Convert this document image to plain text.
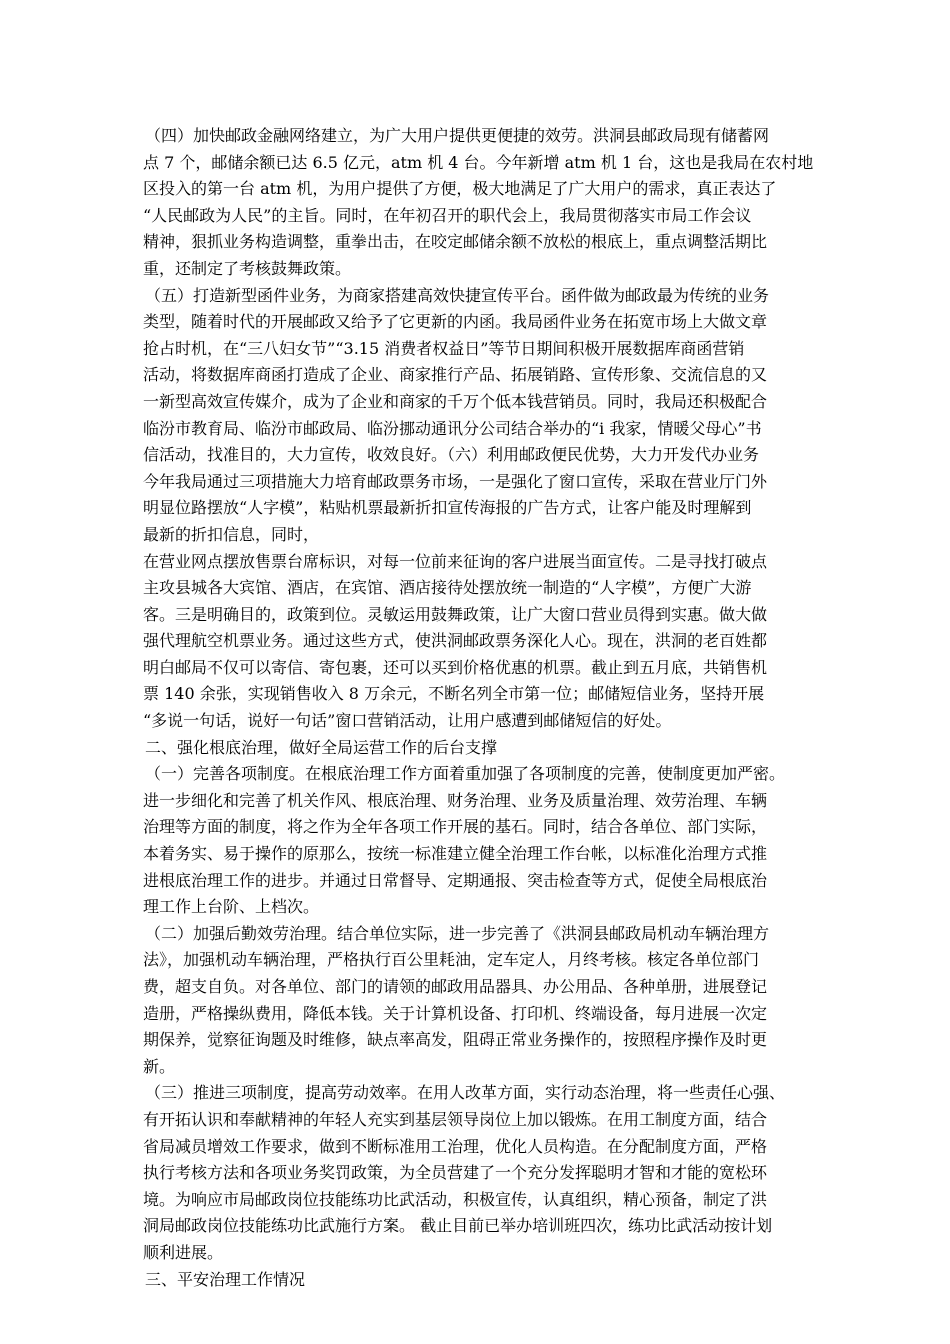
（四）加快邮政金融网络建立，为广大用户提供更便捷的效劳。洪洞县邮政局现有储蓄网
点 7 个，邮储余额已达 6.5 亿元，atm 机 4 台。今年新增 atm 机 1 台，这也是我局在农村地
区投入的第一台 atm 机，为用户提供了方便，极大地满足了广大用户的需求，真正表达了
“人民邮政为人民”的主旨。同时，在年初召开的职代会上，我局贯彻落实市局工作会议
精神，狠抓业务构造调整，重拳出击，在咬定邮储余额不放松的根底上，重点调整活期比
重，还制定了考核鼓舞政策。
（五）打造新型函件业务，为商家搭建高效快捷宣传平台。函件做为邮政最为传统的业务
类型，随着时代的开展邮政又给予了它更新的内函。我局函件业务在拓宽市场上大做文章
抢占时机，在“三八妇女节”“3.15 消费者权益日”等节日期间积极开展数据库商函营销
活动，将数据库商函打造成了企业、商家推行产品、拓展销路、宣传形象、交流信息的又
一新型高效宣传媒介，成为了企业和商家的千万个低本钱营销员。同时，我局还积极配合
临汾市教育局、临汾市邮政局、临汾挪动通讯分公司结合举办的“i 我家，情暖父母心”书
信活动，找准目的，大力宣传，收效良好。（六）利用邮政便民优势，大力开发代办业务
今年我局通过三项措施大力培育邮政票务市场，一是强化了窗口宣传，采取在营业厅门外
明显位路摆放“人字模”，粘贴机票最新折扣宣传海报的广告方式，让客户能及时理解到
最新的折扣信息，同时，
在营业网点摆放售票台席标识，对每一位前来征询的客户进展当面宣传。二是寻找打破点
主攻县城各大宾馆、酒店，在宾馆、酒店接待处摆放统一制造的“人字模”，方便广大游
客。三是明确目的，政策到位。灵敏运用鼓舞政策，让广大窗口营业员得到实惠。做大做
强代理航空机票业务。通过这些方式，使洪洞邮政票务深化人心。现在，洪洞的老百姓都
明白邮局不仅可以寄信、寄包裹，还可以买到价格优惠的机票。截止到五月底，共销售机
票 140 余张，实现销售收入 8 万余元，不断名列全市第一位；邮储短信业务，坚持开展
“多说一句话，说好一句话”窗口营销活动，让用户感遭到邮储短信的好处。
二、强化根底治理，做好全局运营工作的后台支撑
（一）完善各项制度。在根底治理工作方面着重加强了各项制度的完善，使制度更加严密。
进一步细化和完善了机关作风、根底治理、财务治理、业务及质量治理、效劳治理、车辆
治理等方面的制度，将之作为全年各项工作开展的基石。同时，结合各单位、部门实际，
本着务实、易于操作的原那么，按统一标准建立健全治理工作台帐，以标准化治理方式推
进根底治理工作的进步。并通过日常督导、定期通报、突击检查等方式，促使全局根底治
理工作上台阶、上档次。
（二）加强后勤效劳治理。结合单位实际，进一步完善了《洪洞县邮政局机动车辆治理方
法》，加强机动车辆治理，严格执行百公里耗油，定车定人，月终考核。核定各单位部门
费，超支自负。对各单位、部门的请领的邮政用品器具、办公用品、各种单册，进展登记
造册，严格操纵费用，降低本钱。关于计算机设备、打印机、终端设备，每月进展一次定
期保养，觉察征询题及时维修，缺点率高发，阻碍正常业务操作的，按照程序操作及时更
新。
（三）推进三项制度，提高劳动效率。在用人改革方面，实行动态治理，将一些责任心强、
有开拓认识和奉献精神的年轻人充实到基层领导岗位上加以锻炼。在用工制度方面，结合
省局减员增效工作要求，做到不断标准用工治理，优化人员构造。在分配制度方面，严格
执行考核方法和各项业务奖罚政策，为全员营建了一个充分发挥聪明才智和才能的宽松环
境。为响应市局邮政岗位技能练功比武活动，积极宣传，认真组织，精心预备，制定了洪
洞局邮政岗位技能练功比武施行方案。 截止目前已举办培训班四次，练功比武活动按计划
顺利进展。
三、平安治理工作情况
